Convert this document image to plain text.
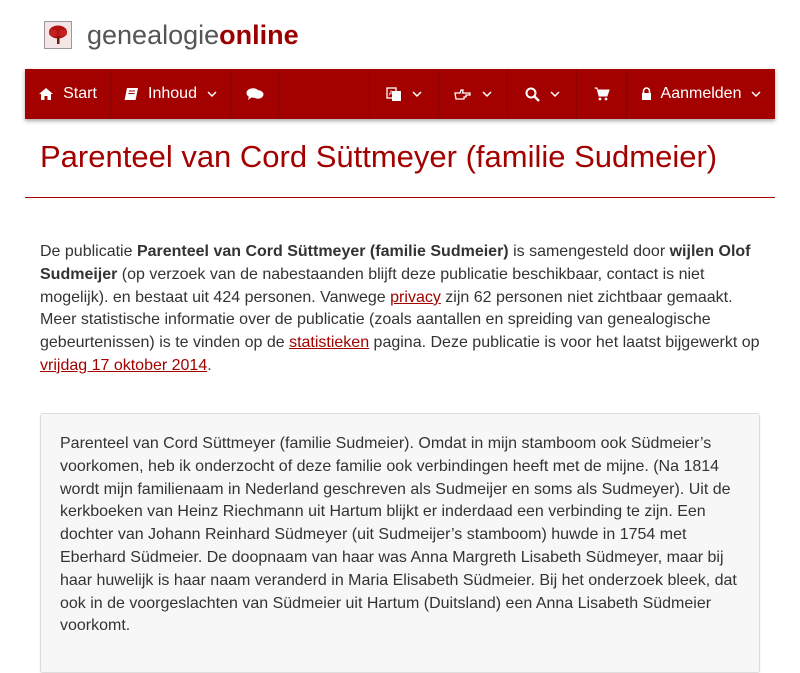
genealogieonline
Start	Inhoud	A	Aanmelden
Parenteel van Cord Süttmeyer (familie Sudmeier)

De publicatie Parenteel van Cord Süttmeyer (familie Sudmeier) is samengesteld door wijlen Olof Sudmeijer (op verzoek van de nabestaanden blijft deze publicatie beschikbaar, contact is niet mogelijk). en bestaat uit 424 personen. Vanwege privacy zijn 62 personen niet zichtbaar gemaakt. Meer statistische informatie over de publicatie (zoals aantallen en spreiding van genealogische gebeurtenissen) is te vinden op de statistieken pagina. Deze publicatie is voor het laatst bijgewerkt op vrijdag 17 oktober 2014.

Parenteel van Cord Süttmeyer (familie Sudmeier). Omdat in mijn stamboom ook Südmeier’s voorkomen, heb ik onderzocht of deze familie ook verbindingen heeft met de mijne. (Na 1814 wordt mijn familienaam in Nederland geschreven als Sudmeijer en soms als Sudmeyer). Uit de kerkboeken van Heinz Riechmann uit Hartum blijkt er inderdaad een verbinding te zijn. Een dochter van Johann Reinhard Südmeyer (uit Sudmeijer’s stamboom) huwde in 1754 met Eberhard Südmeier. De doopnaam van haar was Anna Margreth Lisabeth Südmeyer, maar bij haar huwelijk is haar naam veranderd in Maria Elisabeth Südmeier. Bij het onderzoek bleek, dat ook in de voorgeslachten van Südmeier uit Hartum (Duitsland) een Anna Lisabeth Südmeier voorkomt.
